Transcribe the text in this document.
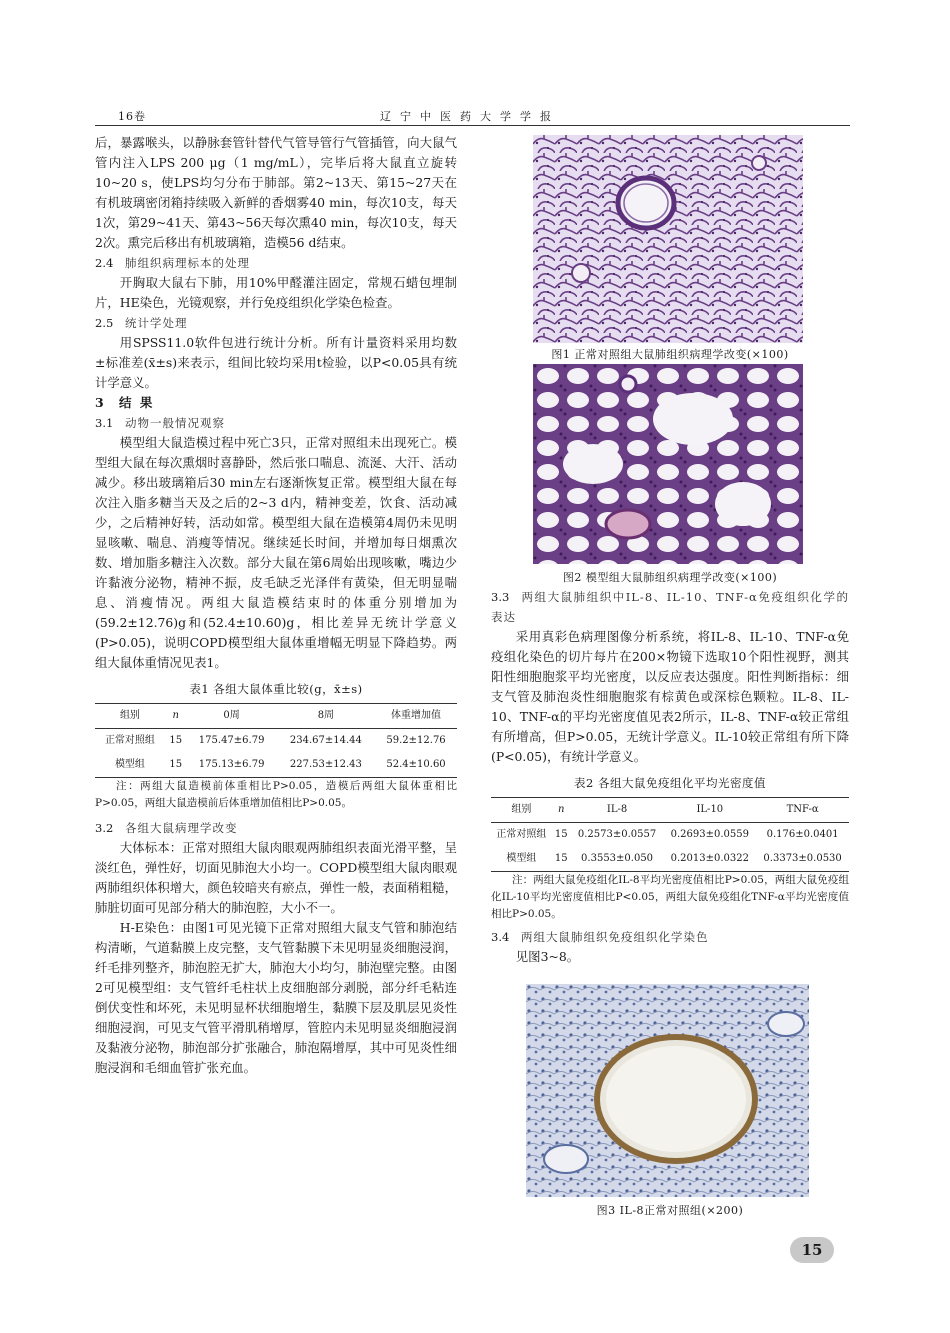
16卷	辽宁中医药大学学报

后，暴露喉头，以静脉套管针替代气管导管行气管插管，向大鼠气管内注入LPS 200 μg（1 mg/mL），完毕后将大鼠直立旋转10~20 s，使LPS均匀分布于肺部。第2~13天、第15~27天在有机玻璃密闭箱持续吸入新鲜的香烟雾40 min，每次10支，每天1次，第29~41天、第43~56天每次熏40 min，每次10支，每天2次。熏完后移出有机玻璃箱，造模56 d结束。

2.4 肺组织病理标本的处理

开胸取大鼠右下肺，用10%甲醛灌注固定，常规石蜡包埋制片，HE染色，光镜观察，并行免疫组织化学染色检查。

2.5 统计学处理

用SPSS11.0软件包进行统计分析。所有计量资料采用均数±标准差(x̄±s)来表示，组间比较均采用t检验，以P<0.05具有统计学意义。

3 结 果

3.1 动物一般情况观察

模型组大鼠造模过程中死亡3只，正常对照组未出现死亡。模型组大鼠在每次熏烟时喜静卧，然后张口喘息、流涎、大汗、活动减少。移出玻璃箱后30 min左右逐渐恢复正常。模型组大鼠在每次注入脂多糖当天及之后的2~3 d内，精神变差，饮食、活动减少，之后精神好转，活动如常。模型组大鼠在造模第4周仍未见明显咳嗽、喘息、消瘦等情况。继续延长时间，并增加每日烟熏次数、增加脂多糖注入次数。部分大鼠在第6周始出现咳嗽，嘴边少许黏液分泌物，精神不振，皮毛缺乏光泽伴有黄染，但无明显喘息、消瘦情况。两组大鼠造模结束时的体重分别增加为(59.2±12.76)g和(52.4±10.60)g，相比差异无统计学意义(P>0.05)，说明COPD模型组大鼠体重增幅无明显下降趋势。两组大鼠体重情况见表1。

表1 各组大鼠体重比较(g，x̄±s)
组别	n	0周	8周	体重增加值
正常对照组	15	175.47±6.79	234.67±14.44	59.2±12.76
模型组	15	175.13±6.79	227.53±12.43	52.4±10.60

注：两组大鼠造模前体重相比P>0.05，造模后两组大鼠体重相比P>0.05，两组大鼠造模前后体重增加值相比P>0.05。

3.2 各组大鼠病理学改变

大体标本：正常对照组大鼠肉眼观两肺组织表面光滑平整，呈淡红色，弹性好，切面见肺泡大小均一。COPD模型组大鼠肉眼观两肺组织体积增大，颜色较暗夹有瘀点，弹性一般，表面稍粗糙，肺脏切面可见部分稍大的肺泡腔，大小不一。

H-E染色：由图1可见光镜下正常对照组大鼠支气管和肺泡结构清晰，气道黏膜上皮完整，支气管黏膜下未见明显炎细胞浸润，纤毛排列整齐，肺泡腔无扩大，肺泡大小均匀，肺泡壁完整。由图2可见模型组：支气管纤毛柱状上皮细胞部分剥脱，部分纤毛粘连倒伏变性和坏死，未见明显杯状细胞增生，黏膜下层及肌层见炎性细胞浸润，可见支气管平滑肌稍增厚，管腔内未见明显炎细胞浸润及黏液分泌物，肺泡部分扩张融合，肺泡隔增厚，其中可见炎性细胞浸润和毛细血管扩张充血。

图1 正常对照组大鼠肺组织病理学改变(×100)
图2 模型组大鼠肺组织病理学改变(×100)

3.3 两组大鼠肺组织中IL-8、IL-10、TNF-α免疫组织化学的表达

采用真彩色病理图像分析系统，将IL-8、IL-10、TNF-α免疫组化染色的切片每片在200×物镜下选取10个阳性视野，测其阳性细胞胞浆平均光密度，以反应表达强度。阳性判断指标：细支气管及肺泡炎性细胞胞浆有棕黄色或深棕色颗粒。IL-8、IL-10、TNF-α的平均光密度值见表2所示，IL-8、TNF-α较正常组有所增高，但P>0.05，无统计学意义。IL-10较正常组有所下降(P<0.05)，有统计学意义。

表2 各组大鼠免疫组化平均光密度值
组别	n	IL-8	IL-10	TNF-α
正常对照组	15	0.2573±0.0557	0.2693±0.0559	0.176±0.0401
模型组	15	0.3553±0.050	0.2013±0.0322	0.3373±0.0530

注：两组大鼠免疫组化IL-8平均光密度值相比P>0.05，两组大鼠免疫组化IL-10平均光密度值相比P<0.05，两组大鼠免疫组化TNF-α平均光密度值相比P>0.05。

3.4 两组大鼠肺组织免疫组织化学染色

见图3~8。

图3 IL-8正常对照组(×200)
15
